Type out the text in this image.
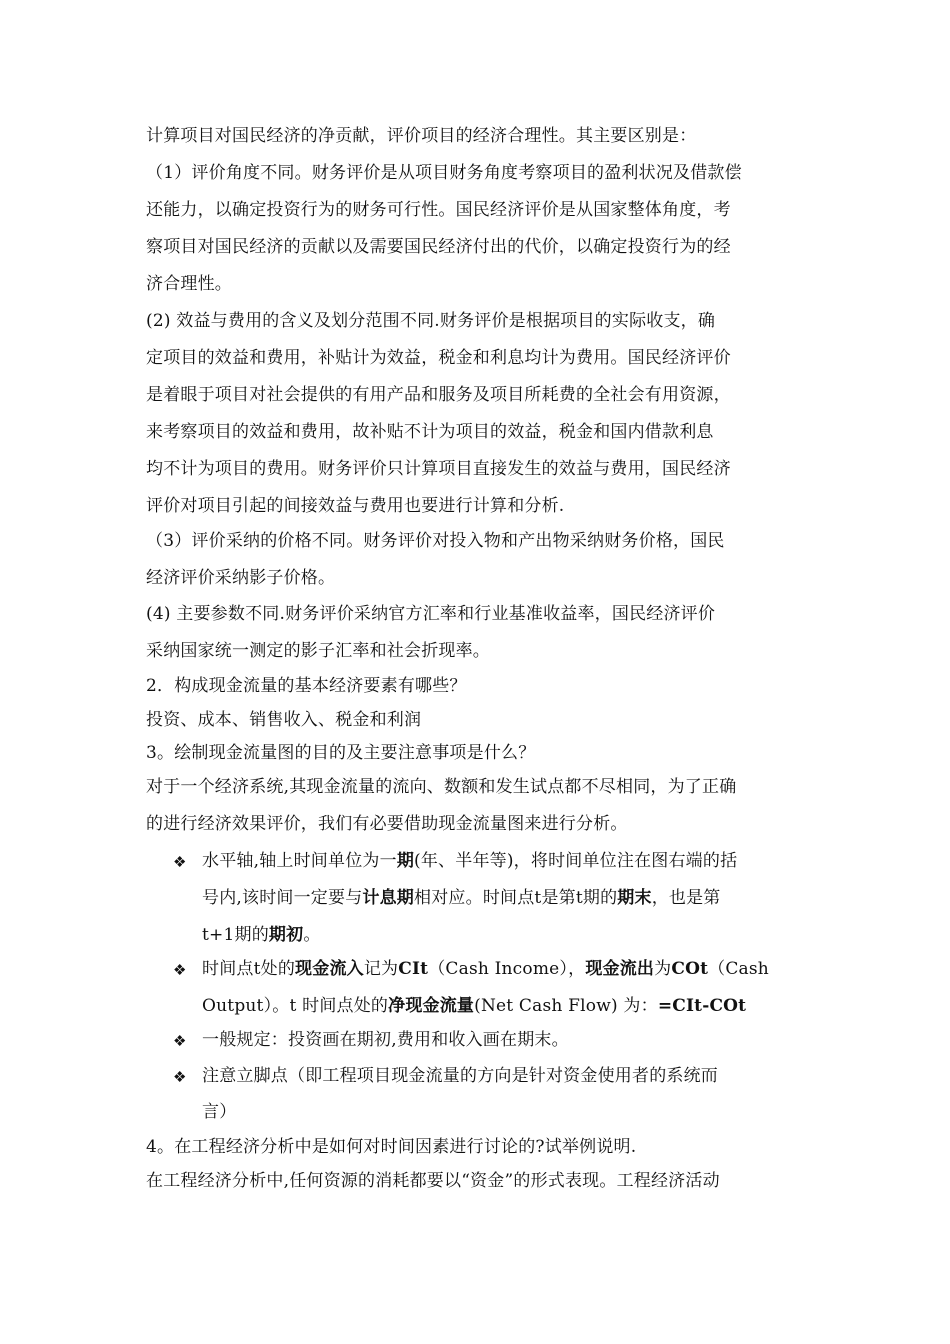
计算项目对国民经济的净贡献，评价项目的经济合理性。其主要区别是：
（1）评价角度不同。财务评价是从项目财务角度考察项目的盈利状况及借款偿
还能力，以确定投资行为的财务可行性。国民经济评价是从国家整体角度，考
察项目对国民经济的贡献以及需要国民经济付出的代价，以确定投资行为的经
济合理性。
(2) 效益与费用的含义及划分范围不同.财务评价是根据项目的实际收支，确
定项目的效益和费用，补贴计为效益，税金和利息均计为费用。国民经济评价
是着眼于项目对社会提供的有用产品和服务及项目所耗费的全社会有用资源，
来考察项目的效益和费用，故补贴不计为项目的效益，税金和国内借款利息
均不计为项目的费用。财务评价只计算项目直接发生的效益与费用，国民经济
评价对项目引起的间接效益与费用也要进行计算和分析.
（3）评价采纳的价格不同。财务评价对投入物和产出物采纳财务价格，国民
经济评价采纳影子价格。
(4) 主要参数不同.财务评价采纳官方汇率和行业基准收益率，国民经济评价
采纳国家统一测定的影子汇率和社会折现率。
2．构成现金流量的基本经济要素有哪些？
投资、成本、销售收入、税金和利润
3。绘制现金流量图的目的及主要注意事项是什么？
对于一个经济系统,其现金流量的流向、数额和发生试点都不尽相同，为了正确
的进行经济效果评价，我们有必要借助现金流量图来进行分析。
❖ 水平轴,轴上时间单位为一期(年、半年等)，将时间单位注在图右端的括
号内,该时间一定要与计息期相对应。时间点t是第t期的期末，也是第
t+1期的期初。
❖ 时间点t处的现金流入记为CIt（Cash Income），现金流出为COt（Cash
Output）。t 时间点处的净现金流量(Net Cash Flow) 为：=CIt-COt
❖ 一般规定：投资画在期初,费用和收入画在期末。
❖ 注意立脚点（即工程项目现金流量的方向是针对资金使用者的系统而
言）
4。在工程经济分析中是如何对时间因素进行讨论的?试举例说明.
在工程经济分析中,任何资源的消耗都要以“资金”的形式表现。工程经济活动
